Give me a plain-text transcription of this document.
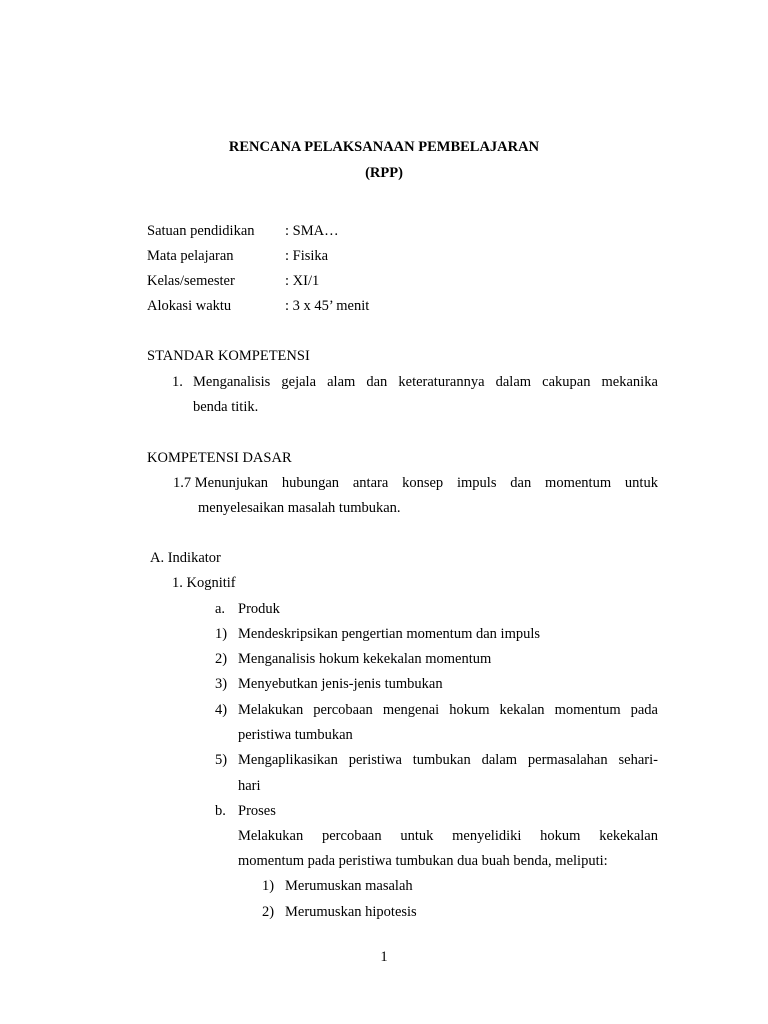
RENCANA PELAKSANAAN PEMBELAJARAN
(RPP)
Satuan pendidikan : SMA…
Mata pelajaran	: Fisika
Kelas/semester	: XI/1
Alokasi waktu	: 3 x 45’ menit
STANDAR KOMPETENSI
1. Menganalisis gejala alam dan keteraturannya dalam cakupan mekanika
benda titik.
KOMPETENSI DASAR
1.7 Menunjukan hubungan antara konsep impuls dan momentum untuk
menyelesaikan masalah tumbukan.
A. Indikator
1. Kognitif
a. Produk
1) Mendeskripsikan pengertian momentum dan impuls
2) Menganalisis hokum kekekalan momentum
3) Menyebutkan jenis-jenis tumbukan
4) Melakukan percobaan mengenai hokum kekalan momentum pada
peristiwa tumbukan
5) Mengaplikasikan peristiwa tumbukan dalam permasalahan sehari-
hari
b. Proses
Melakukan percobaan untuk menyelidiki hokum kekekalan
momentum pada peristiwa tumbukan dua buah benda, meliputi:
1) Merumuskan masalah
2) Merumuskan hipotesis
1
